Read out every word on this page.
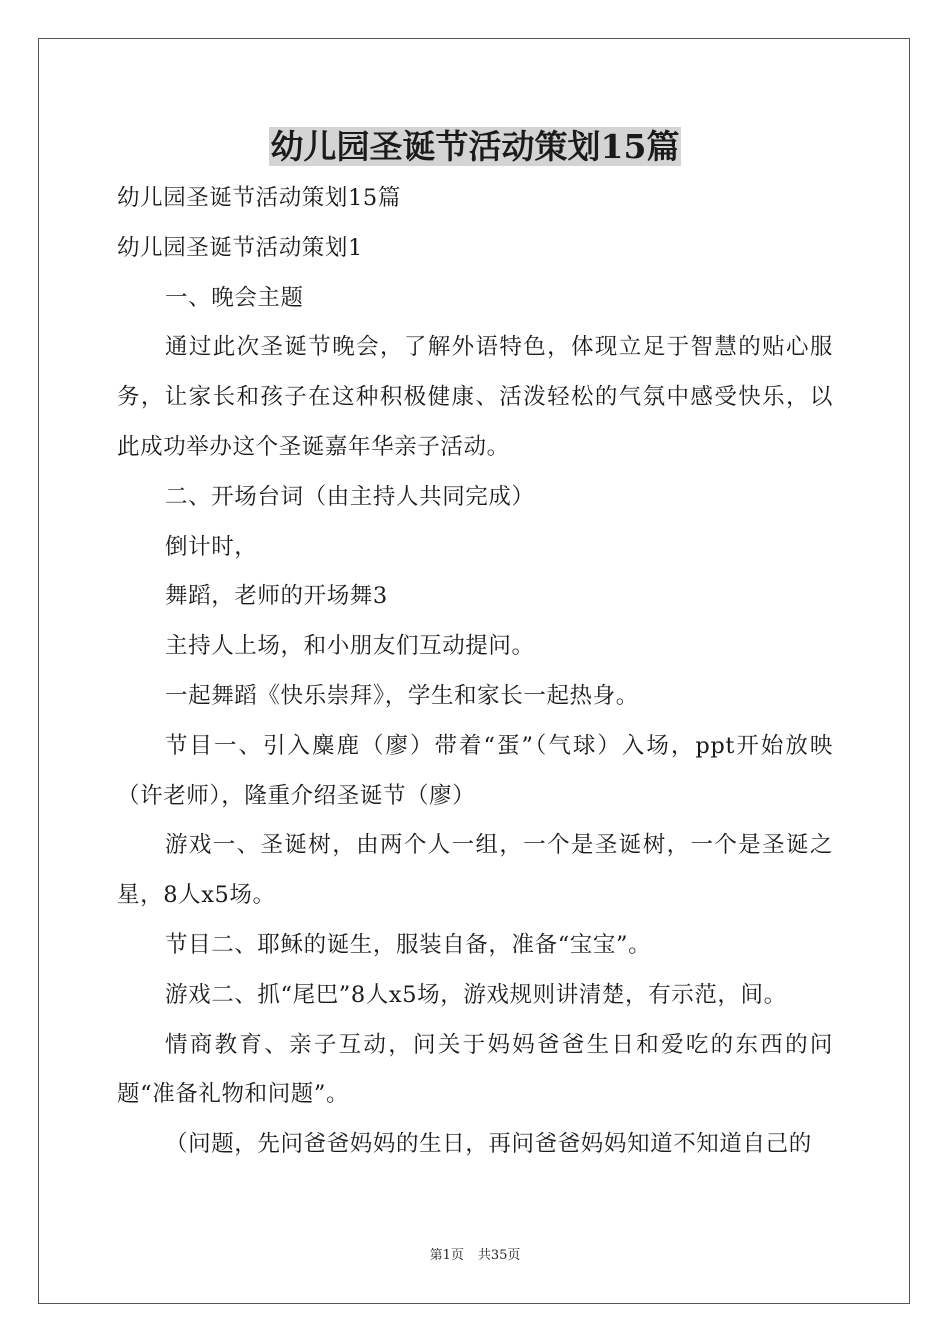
幼儿园圣诞节活动策划15篇

幼儿园圣诞节活动策划15篇

幼儿园圣诞节活动策划1

一、晚会主题

通过此次圣诞节晚会，了解外语特色，体现立足于智慧的贴心服务，让家长和孩子在这种积极健康、活泼轻松的气氛中感受快乐，以此成功举办这个圣诞嘉年华亲子活动。

二、开场台词（由主持人共同完成）

倒计时，

舞蹈，老师的开场舞3

主持人上场，和小朋友们互动提问。

一起舞蹈《快乐崇拜》，学生和家长一起热身。

节目一、引入麋鹿（廖）带着“蛋”（气球）入场，ppt开始放映（许老师），隆重介绍圣诞节（廖）

游戏一、圣诞树，由两个人一组，一个是圣诞树，一个是圣诞之星，8人x5场。

节目二、耶稣的诞生，服装自备，准备“宝宝”。

游戏二、抓“尾巴”8人x5场，游戏规则讲清楚，有示范，间。

情商教育、亲子互动，问关于妈妈爸爸生日和爱吃的东西的问题“准备礼物和问题”。

（问题，先问爸爸妈妈的生日，再问爸爸妈妈知道不知道自己的

第1页 共35页
